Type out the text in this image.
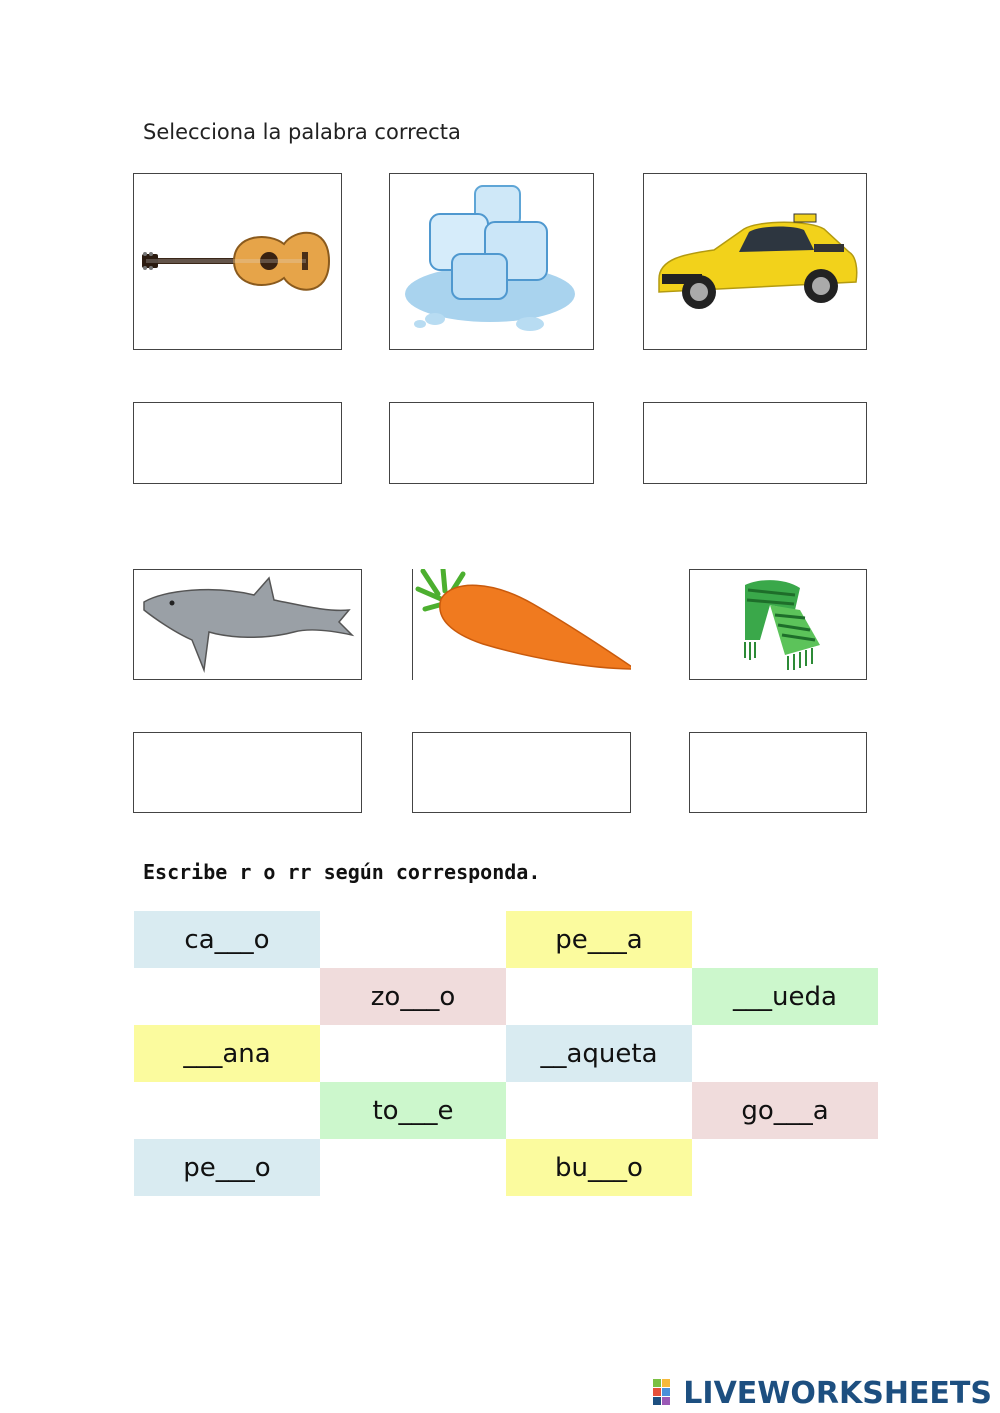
Selecciona la palabra correcta
Escribe r o rr según corresponda.
ca___o	pe___a
zo___o	___ueda
___ana	__aqueta
to___e	go___a
pe___o	bu___o
LIVEWORKSHEETS
